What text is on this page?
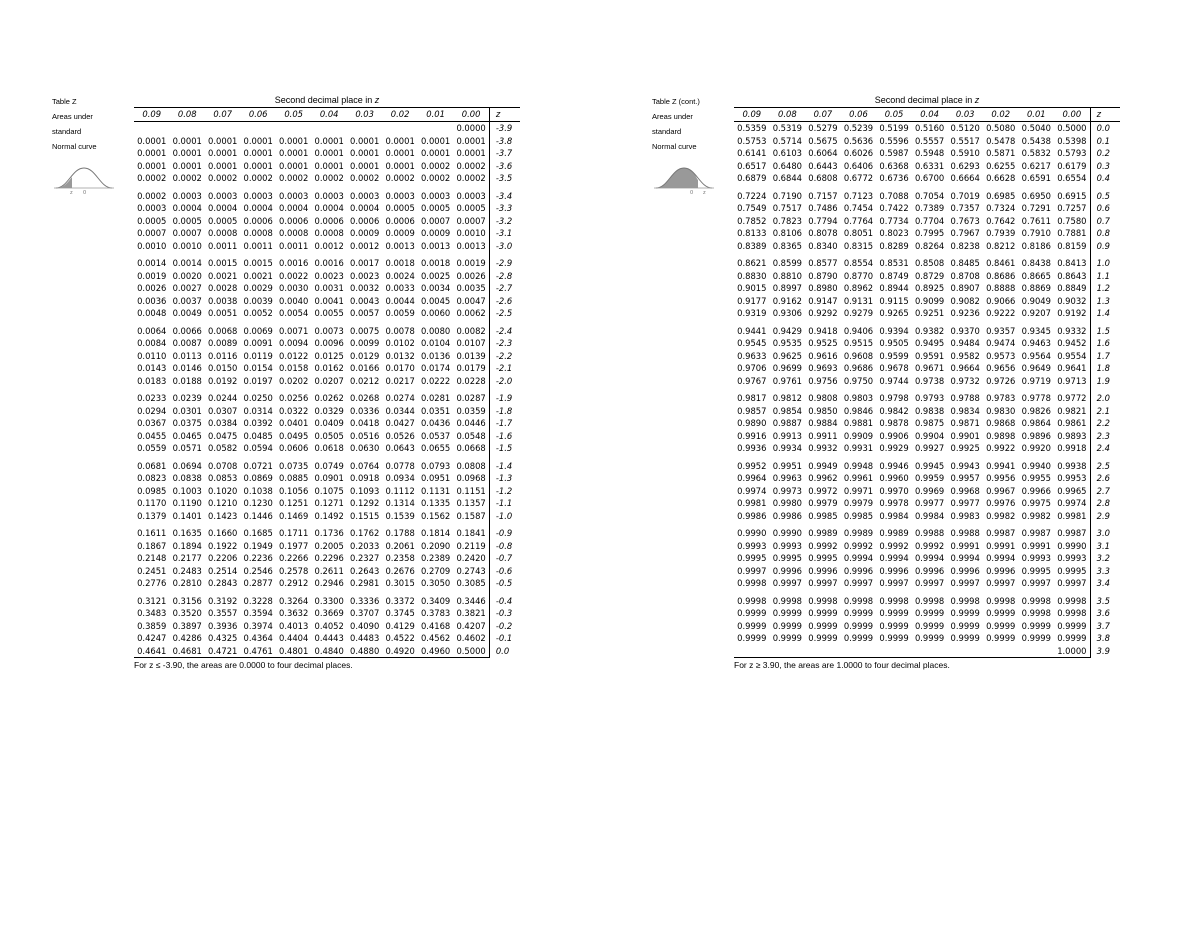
Table Z
Areas under
standard
Normal curve
z 0
Second decimal place in z
0.09	0.08	0.07	0.06	0.05	0.04	0.03	0.02	0.01	0.00	z
									0.0000	-3.9
0.0001	0.0001	0.0001	0.0001	0.0001	0.0001	0.0001	0.0001	0.0001	0.0001	-3.8
0.0001	0.0001	0.0001	0.0001	0.0001	0.0001	0.0001	0.0001	0.0001	0.0001	-3.7
0.0001	0.0001	0.0001	0.0001	0.0001	0.0001	0.0001	0.0001	0.0002	0.0002	-3.6
0.0002	0.0002	0.0002	0.0002	0.0002	0.0002	0.0002	0.0002	0.0002	0.0002	-3.5

0.0002	0.0003	0.0003	0.0003	0.0003	0.0003	0.0003	0.0003	0.0003	0.0003	-3.4
0.0003	0.0004	0.0004	0.0004	0.0004	0.0004	0.0004	0.0005	0.0005	0.0005	-3.3
0.0005	0.0005	0.0005	0.0006	0.0006	0.0006	0.0006	0.0006	0.0007	0.0007	-3.2
0.0007	0.0007	0.0008	0.0008	0.0008	0.0008	0.0009	0.0009	0.0009	0.0010	-3.1
0.0010	0.0010	0.0011	0.0011	0.0011	0.0012	0.0012	0.0013	0.0013	0.0013	-3.0

0.0014	0.0014	0.0015	0.0015	0.0016	0.0016	0.0017	0.0018	0.0018	0.0019	-2.9
0.0019	0.0020	0.0021	0.0021	0.0022	0.0023	0.0023	0.0024	0.0025	0.0026	-2.8
0.0026	0.0027	0.0028	0.0029	0.0030	0.0031	0.0032	0.0033	0.0034	0.0035	-2.7
0.0036	0.0037	0.0038	0.0039	0.0040	0.0041	0.0043	0.0044	0.0045	0.0047	-2.6
0.0048	0.0049	0.0051	0.0052	0.0054	0.0055	0.0057	0.0059	0.0060	0.0062	-2.5

0.0064	0.0066	0.0068	0.0069	0.0071	0.0073	0.0075	0.0078	0.0080	0.0082	-2.4
0.0084	0.0087	0.0089	0.0091	0.0094	0.0096	0.0099	0.0102	0.0104	0.0107	-2.3
0.0110	0.0113	0.0116	0.0119	0.0122	0.0125	0.0129	0.0132	0.0136	0.0139	-2.2
0.0143	0.0146	0.0150	0.0154	0.0158	0.0162	0.0166	0.0170	0.0174	0.0179	-2.1
0.0183	0.0188	0.0192	0.0197	0.0202	0.0207	0.0212	0.0217	0.0222	0.0228	-2.0

0.0233	0.0239	0.0244	0.0250	0.0256	0.0262	0.0268	0.0274	0.0281	0.0287	-1.9
0.0294	0.0301	0.0307	0.0314	0.0322	0.0329	0.0336	0.0344	0.0351	0.0359	-1.8
0.0367	0.0375	0.0384	0.0392	0.0401	0.0409	0.0418	0.0427	0.0436	0.0446	-1.7
0.0455	0.0465	0.0475	0.0485	0.0495	0.0505	0.0516	0.0526	0.0537	0.0548	-1.6
0.0559	0.0571	0.0582	0.0594	0.0606	0.0618	0.0630	0.0643	0.0655	0.0668	-1.5

0.0681	0.0694	0.0708	0.0721	0.0735	0.0749	0.0764	0.0778	0.0793	0.0808	-1.4
0.0823	0.0838	0.0853	0.0869	0.0885	0.0901	0.0918	0.0934	0.0951	0.0968	-1.3
0.0985	0.1003	0.1020	0.1038	0.1056	0.1075	0.1093	0.1112	0.1131	0.1151	-1.2
0.1170	0.1190	0.1210	0.1230	0.1251	0.1271	0.1292	0.1314	0.1335	0.1357	-1.1
0.1379	0.1401	0.1423	0.1446	0.1469	0.1492	0.1515	0.1539	0.1562	0.1587	-1.0

0.1611	0.1635	0.1660	0.1685	0.1711	0.1736	0.1762	0.1788	0.1814	0.1841	-0.9
0.1867	0.1894	0.1922	0.1949	0.1977	0.2005	0.2033	0.2061	0.2090	0.2119	-0.8
0.2148	0.2177	0.2206	0.2236	0.2266	0.2296	0.2327	0.2358	0.2389	0.2420	-0.7
0.2451	0.2483	0.2514	0.2546	0.2578	0.2611	0.2643	0.2676	0.2709	0.2743	-0.6
0.2776	0.2810	0.2843	0.2877	0.2912	0.2946	0.2981	0.3015	0.3050	0.3085	-0.5

0.3121	0.3156	0.3192	0.3228	0.3264	0.3300	0.3336	0.3372	0.3409	0.3446	-0.4
0.3483	0.3520	0.3557	0.3594	0.3632	0.3669	0.3707	0.3745	0.3783	0.3821	-0.3
0.3859	0.3897	0.3936	0.3974	0.4013	0.4052	0.4090	0.4129	0.4168	0.4207	-0.2
0.4247	0.4286	0.4325	0.4364	0.4404	0.4443	0.4483	0.4522	0.4562	0.4602	-0.1
0.4641	0.4681	0.4721	0.4761	0.4801	0.4840	0.4880	0.4920	0.4960	0.5000	0.0
For z ≤ -3.90, the areas are 0.0000 to four decimal places.
Table Z (cont.)
Areas under
standard
Normal curve
0 z
Second decimal place in z
0.09	0.08	0.07	0.06	0.05	0.04	0.03	0.02	0.01	0.00	z
0.5359	0.5319	0.5279	0.5239	0.5199	0.5160	0.5120	0.5080	0.5040	0.5000	0.0
0.5753	0.5714	0.5675	0.5636	0.5596	0.5557	0.5517	0.5478	0.5438	0.5398	0.1
0.6141	0.6103	0.6064	0.6026	0.5987	0.5948	0.5910	0.5871	0.5832	0.5793	0.2
0.6517	0.6480	0.6443	0.6406	0.6368	0.6331	0.6293	0.6255	0.6217	0.6179	0.3
0.6879	0.6844	0.6808	0.6772	0.6736	0.6700	0.6664	0.6628	0.6591	0.6554	0.4

0.7224	0.7190	0.7157	0.7123	0.7088	0.7054	0.7019	0.6985	0.6950	0.6915	0.5
0.7549	0.7517	0.7486	0.7454	0.7422	0.7389	0.7357	0.7324	0.7291	0.7257	0.6
0.7852	0.7823	0.7794	0.7764	0.7734	0.7704	0.7673	0.7642	0.7611	0.7580	0.7
0.8133	0.8106	0.8078	0.8051	0.8023	0.7995	0.7967	0.7939	0.7910	0.7881	0.8
0.8389	0.8365	0.8340	0.8315	0.8289	0.8264	0.8238	0.8212	0.8186	0.8159	0.9

0.8621	0.8599	0.8577	0.8554	0.8531	0.8508	0.8485	0.8461	0.8438	0.8413	1.0
0.8830	0.8810	0.8790	0.8770	0.8749	0.8729	0.8708	0.8686	0.8665	0.8643	1.1
0.9015	0.8997	0.8980	0.8962	0.8944	0.8925	0.8907	0.8888	0.8869	0.8849	1.2
0.9177	0.9162	0.9147	0.9131	0.9115	0.9099	0.9082	0.9066	0.9049	0.9032	1.3
0.9319	0.9306	0.9292	0.9279	0.9265	0.9251	0.9236	0.9222	0.9207	0.9192	1.4

0.9441	0.9429	0.9418	0.9406	0.9394	0.9382	0.9370	0.9357	0.9345	0.9332	1.5
0.9545	0.9535	0.9525	0.9515	0.9505	0.9495	0.9484	0.9474	0.9463	0.9452	1.6
0.9633	0.9625	0.9616	0.9608	0.9599	0.9591	0.9582	0.9573	0.9564	0.9554	1.7
0.9706	0.9699	0.9693	0.9686	0.9678	0.9671	0.9664	0.9656	0.9649	0.9641	1.8
0.9767	0.9761	0.9756	0.9750	0.9744	0.9738	0.9732	0.9726	0.9719	0.9713	1.9

0.9817	0.9812	0.9808	0.9803	0.9798	0.9793	0.9788	0.9783	0.9778	0.9772	2.0
0.9857	0.9854	0.9850	0.9846	0.9842	0.9838	0.9834	0.9830	0.9826	0.9821	2.1
0.9890	0.9887	0.9884	0.9881	0.9878	0.9875	0.9871	0.9868	0.9864	0.9861	2.2
0.9916	0.9913	0.9911	0.9909	0.9906	0.9904	0.9901	0.9898	0.9896	0.9893	2.3
0.9936	0.9934	0.9932	0.9931	0.9929	0.9927	0.9925	0.9922	0.9920	0.9918	2.4

0.9952	0.9951	0.9949	0.9948	0.9946	0.9945	0.9943	0.9941	0.9940	0.9938	2.5
0.9964	0.9963	0.9962	0.9961	0.9960	0.9959	0.9957	0.9956	0.9955	0.9953	2.6
0.9974	0.9973	0.9972	0.9971	0.9970	0.9969	0.9968	0.9967	0.9966	0.9965	2.7
0.9981	0.9980	0.9979	0.9979	0.9978	0.9977	0.9977	0.9976	0.9975	0.9974	2.8
0.9986	0.9986	0.9985	0.9985	0.9984	0.9984	0.9983	0.9982	0.9982	0.9981	2.9

0.9990	0.9990	0.9989	0.9989	0.9989	0.9988	0.9988	0.9987	0.9987	0.9987	3.0
0.9993	0.9993	0.9992	0.9992	0.9992	0.9992	0.9991	0.9991	0.9991	0.9990	3.1
0.9995	0.9995	0.9995	0.9994	0.9994	0.9994	0.9994	0.9994	0.9993	0.9993	3.2
0.9997	0.9996	0.9996	0.9996	0.9996	0.9996	0.9996	0.9996	0.9995	0.9995	3.3
0.9998	0.9997	0.9997	0.9997	0.9997	0.9997	0.9997	0.9997	0.9997	0.9997	3.4

0.9998	0.9998	0.9998	0.9998	0.9998	0.9998	0.9998	0.9998	0.9998	0.9998	3.5
0.9999	0.9999	0.9999	0.9999	0.9999	0.9999	0.9999	0.9999	0.9998	0.9998	3.6
0.9999	0.9999	0.9999	0.9999	0.9999	0.9999	0.9999	0.9999	0.9999	0.9999	3.7
0.9999	0.9999	0.9999	0.9999	0.9999	0.9999	0.9999	0.9999	0.9999	0.9999	3.8
									1.0000	3.9
For z ≥ 3.90, the areas are 1.0000 to four decimal places.
